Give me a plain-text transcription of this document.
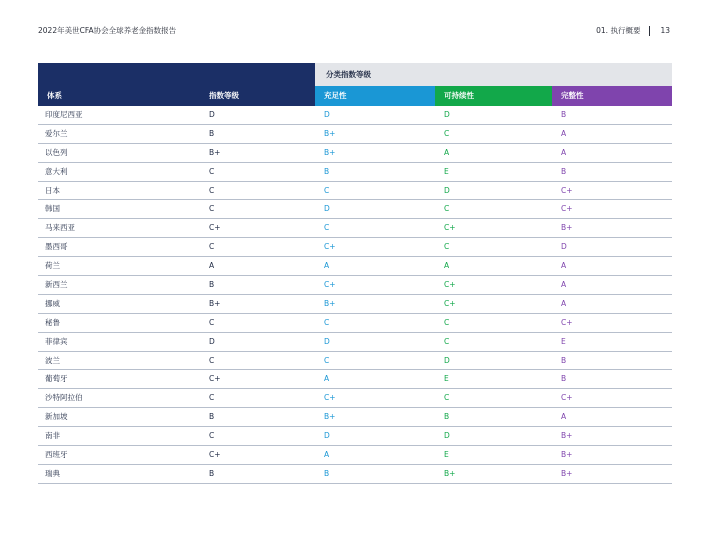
2022年美世CFA协会全球养老金指数报告	01. 执行概要	13
分类指数等级
体系	指数等级	充足性	可持续性	完整性
印度尼西亚	D	D	D	B
爱尔兰	B	B+	C	A
以色列	B+	B+	A	A
意大利	C	B	E	B
日本	C	C	D	C+
韩国	C	D	C	C+
马来西亚	C+	C	C+	B+
墨西哥	C	C+	C	D
荷兰	A	A	A	A
新西兰	B	C+	C+	A
挪威	B+	B+	C+	A
秘鲁	C	C	C	C+
菲律宾	D	D	C	E
波兰	C	C	D	B
葡萄牙	C+	A	E	B
沙特阿拉伯	C	C+	C	C+
新加坡	B	B+	B	A
南非	C	D	D	B+
西班牙	C+	A	E	B+
瑞典	B	B	B+	B+
